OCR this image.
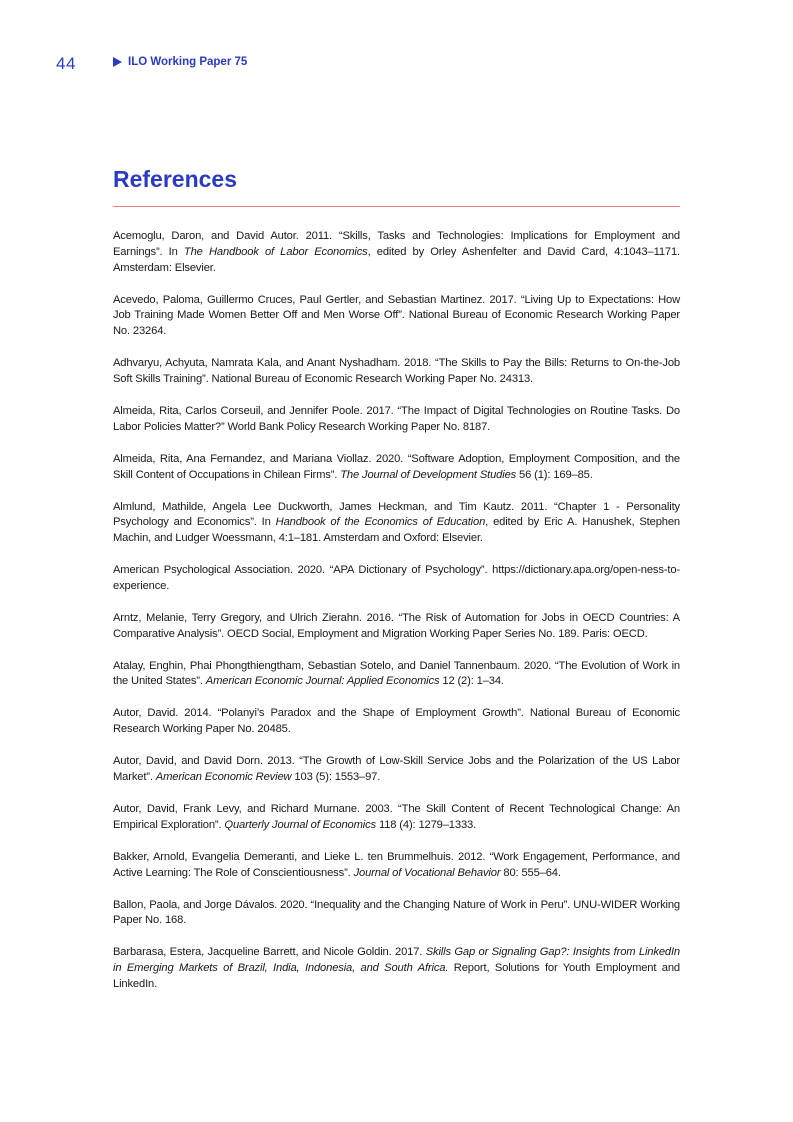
44	ILO Working Paper 75
References
Acemoglu, Daron, and David Autor. 2011. “Skills, Tasks and Technologies: Implications for Employment and Earnings”. In The Handbook of Labor Economics, edited by Orley Ashenfelter and David Card, 4:1043–1171. Amsterdam: Elsevier.
Acevedo, Paloma, Guillermo Cruces, Paul Gertler, and Sebastian Martinez. 2017. “Living Up to Expectations: How Job Training Made Women Better Off and Men Worse Off”. National Bureau of Economic Research Working Paper No. 23264.
Adhvaryu, Achyuta, Namrata Kala, and Anant Nyshadham. 2018. “The Skills to Pay the Bills: Returns to On-the-Job Soft Skills Training”. National Bureau of Economic Research Working Paper No. 24313.
Almeida, Rita, Carlos Corseuil, and Jennifer Poole. 2017. “The Impact of Digital Technologies on Routine Tasks. Do Labor Policies Matter?” World Bank Policy Research Working Paper No. 8187.
Almeida, Rita, Ana Fernandez, and Mariana Viollaz. 2020. “Software Adoption, Employment Composition, and the Skill Content of Occupations in Chilean Firms”. The Journal of Development Studies 56 (1): 169–85.
Almlund, Mathilde, Angela Lee Duckworth, James Heckman, and Tim Kautz. 2011. “Chapter 1 - Personality Psychology and Economics”. In Handbook of the Economics of Education, edited by Eric A. Hanushek, Stephen Machin, and Ludger Woessmann, 4:1–181. Amsterdam and Oxford: Elsevier.
American Psychological Association. 2020. “APA Dictionary of Psychology”. https://dictionary.apa.org/open-ness-to-experience.
Arntz, Melanie, Terry Gregory, and Ulrich Zierahn. 2016. “The Risk of Automation for Jobs in OECD Countries: A Comparative Analysis”. OECD Social, Employment and Migration Working Paper Series No. 189. Paris: OECD.
Atalay, Enghin, Phai Phongthiengtham, Sebastian Sotelo, and Daniel Tannenbaum. 2020. “The Evolution of Work in the United States”. American Economic Journal: Applied Economics 12 (2): 1–34.
Autor, David. 2014. “Polanyi’s Paradox and the Shape of Employment Growth”. National Bureau of Economic Research Working Paper No. 20485.
Autor, David, and David Dorn. 2013. “The Growth of Low-Skill Service Jobs and the Polarization of the US Labor Market”. American Economic Review 103 (5): 1553–97.
Autor, David, Frank Levy, and Richard Murnane. 2003. “The Skill Content of Recent Technological Change: An Empirical Exploration”. Quarterly Journal of Economics 118 (4): 1279–1333.
Bakker, Arnold, Evangelia Demeranti, and Lieke L. ten Brummelhuis. 2012. “Work Engagement, Performance, and Active Learning: The Role of Conscientiousness”. Journal of Vocational Behavior 80: 555–64.
Ballon, Paola, and Jorge Dávalos. 2020. “Inequality and the Changing Nature of Work in Peru”. UNU-WIDER Working Paper No. 168.
Barbarasa, Estera, Jacqueline Barrett, and Nicole Goldin. 2017. Skills Gap or Signaling Gap?: Insights from LinkedIn in Emerging Markets of Brazil, India, Indonesia, and South Africa. Report, Solutions for Youth Employment and LinkedIn.
